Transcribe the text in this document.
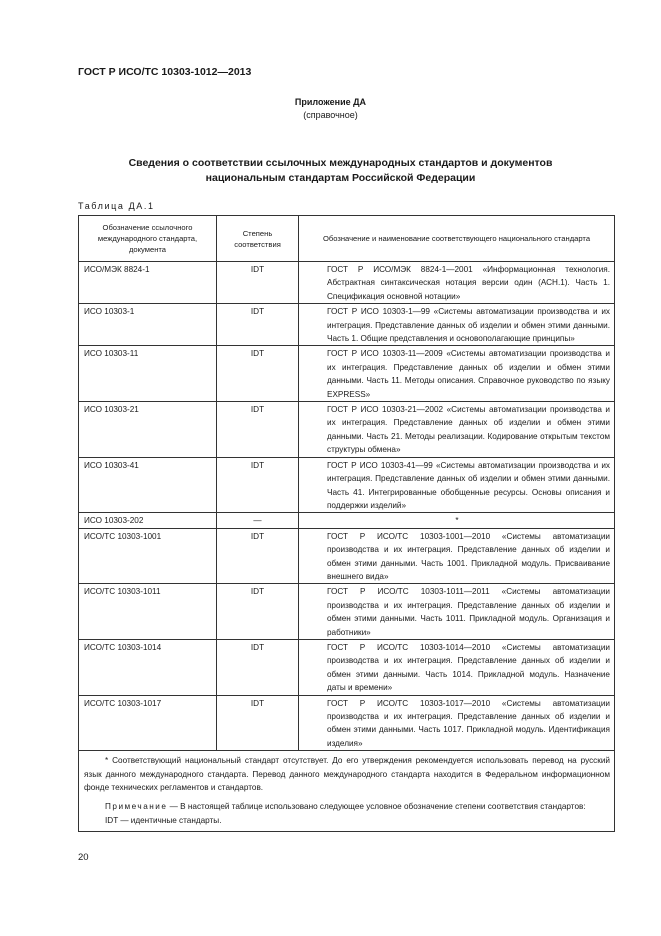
ГОСТ Р ИСО/ТС 10303-1012—2013
Приложение ДА
(справочное)
Сведения о соответствии ссылочных международных стандартов и документов национальным стандартам Российской Федерации
Таблица ДА.1
Обозначение ссылочного международного стандарта, документа	Степень соответствия	Обозначение и наименование соответствующего национального стандарта
ИСО/МЭК 8824-1	IDT	ГОСТ Р ИСО/МЭК 8824-1—2001 «Информационная технология. Абстрактная синтаксическая нотация версии один (АСН.1). Часть 1. Спецификация основной нотации»

ИСО 10303-1	IDT	ГОСТ Р ИСО 10303-1—99 «Системы автоматизации производства и их интеграция. Представление данных об изделии и обмен этими данными. Часть 1. Общие представления и основополагающие принципы»

ИСО 10303-11	IDT	ГОСТ Р ИСО 10303-11—2009 «Системы автоматизации производства и их интеграция. Представление данных об изделии и обмен этими данными. Часть 11. Методы описания. Справочное руководство по языку EXPRESS»

ИСО 10303-21	IDT	ГОСТ Р ИСО 10303-21—2002 «Системы автоматизации производства и их интеграция. Представление данных об изделии и обмен этими данными. Часть 21. Методы реализации. Кодирование открытым текстом структуры обмена»

ИСО 10303-41	IDT	ГОСТ Р ИСО 10303-41—99 «Системы автоматизации производства и их интеграция. Представление данных об изделии и обмен этими данными. Часть 41. Интегрированные обобщенные ресурсы. Основы описания и поддержки изделий»

ИСО 10303-202	—	*
ИСО/ТС 10303-1001	IDT	ГОСТ Р ИСО/ТС 10303-1001—2010 «Системы автоматизации производства и их интеграция. Представление данных об изделии и обмен этими данными. Часть 1001. Прикладной модуль. Присваивание внешнего вида»

ИСО/ТС 10303-1011	IDT	ГОСТ Р ИСО/ТС 10303-1011—2011 «Системы автоматизации производства и их интеграция. Представление данных об изделии и обмен этими данными. Часть 1011. Прикладной модуль. Организация и работники»

ИСО/ТС 10303-1014	IDT	ГОСТ Р ИСО/ТС 10303-1014—2010 «Системы автоматизации производства и их интеграция. Представление данных об изделии и обмен этими данными. Часть 1014. Прикладной модуль. Назначение даты и времени»

ИСО/ТС 10303-1017	IDT	ГОСТ Р ИСО/ТС 10303-1017—2010 «Системы автоматизации производства и их интеграция. Представление данных об изделии и обмен этими данными. Часть 1017. Прикладной модуль. Идентификация изделия»

* Соответствующий национальный стандарт отсутствует. До его утверждения рекомендуется использовать перевод на русский язык данного международного стандарта. Перевод данного международного стандарта находится в Федеральном информационном фонде технических регламентов и стандартов.

Примечание — В настоящей таблице использовано следующее условное обозначение степени соответствия стандартов:

IDT — идентичные стандарты.		

20
